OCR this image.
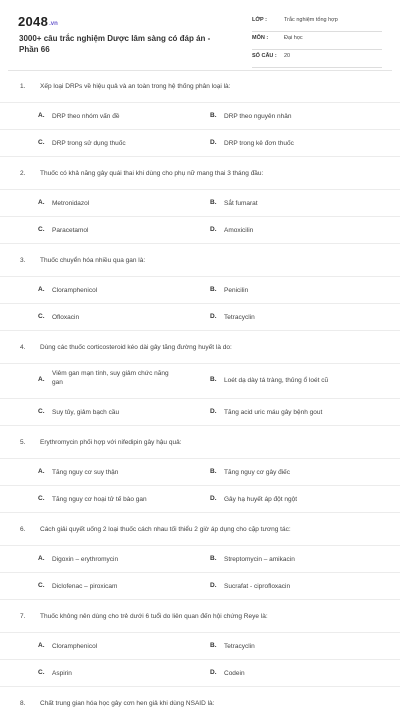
2048.vn
3000+ câu trắc nghiệm Dược lâm sàng có đáp án - Phần 66
LỚP :	Trắc nghiệm tổng hợp
MÔN :	Đại học
SỐ CÂU : 20
1. Xếp loại DRPs về hiệu quả và an toàn trong hệ thống phân loại là:
A. DRP theo nhóm vấn đề	B. DRP theo nguyên nhân
C. DRP trong sử dụng thuốc	D. DRP trong kê đơn thuốc
2. Thuốc có khả năng gây quái thai khi dùng cho phụ nữ mang thai 3 tháng đầu:
A. Metronidazol	B. Sắt fumarat
C. Paracetamol	D. Amoxicilin
3. Thuốc chuyển hóa nhiều qua gan là:
A. Cloramphenicol	B. Penicilin
C. Ofloxacin	D. Tetracyclin
4. Dùng các thuốc corticosteroid kéo dài gây tăng đường huyết là do:
A.
Viêm gan mạn tính, suy giảm chức năng gan	B. Loét dạ dày tá tràng, thủng ổ loét cũ
C. Suy tủy, giảm bạch cầu	D. Tăng acid uric máu gây bệnh gout
5. Erythromycin phối hợp với nifedipin gây hậu quả:
A. Tăng nguy cơ suy thận	B. Tăng nguy cơ gây điếc
C. Tăng nguy cơ hoại tử tế bào gan	D. Gây hạ huyết áp đột ngột
6. Cách giải quyết uống 2 loại thuốc cách nhau tối thiểu 2 giờ áp dụng cho cặp tương tác:
A. Digoxin – erythromycin	B. Streptomycin – amikacin
C. Diclofenac – piroxicam	D. Sucrafat - ciprofloxacin
7. Thuốc không nên dùng cho trẻ dưới 6 tuổi do liên quan đến hội chứng Reye là:
A. Cloramphenicol	B. Tetracyclin
C. Aspirin	D. Codein
8. Chất trung gian hóa học gây cơn hen giả khi dùng NSAID là:
